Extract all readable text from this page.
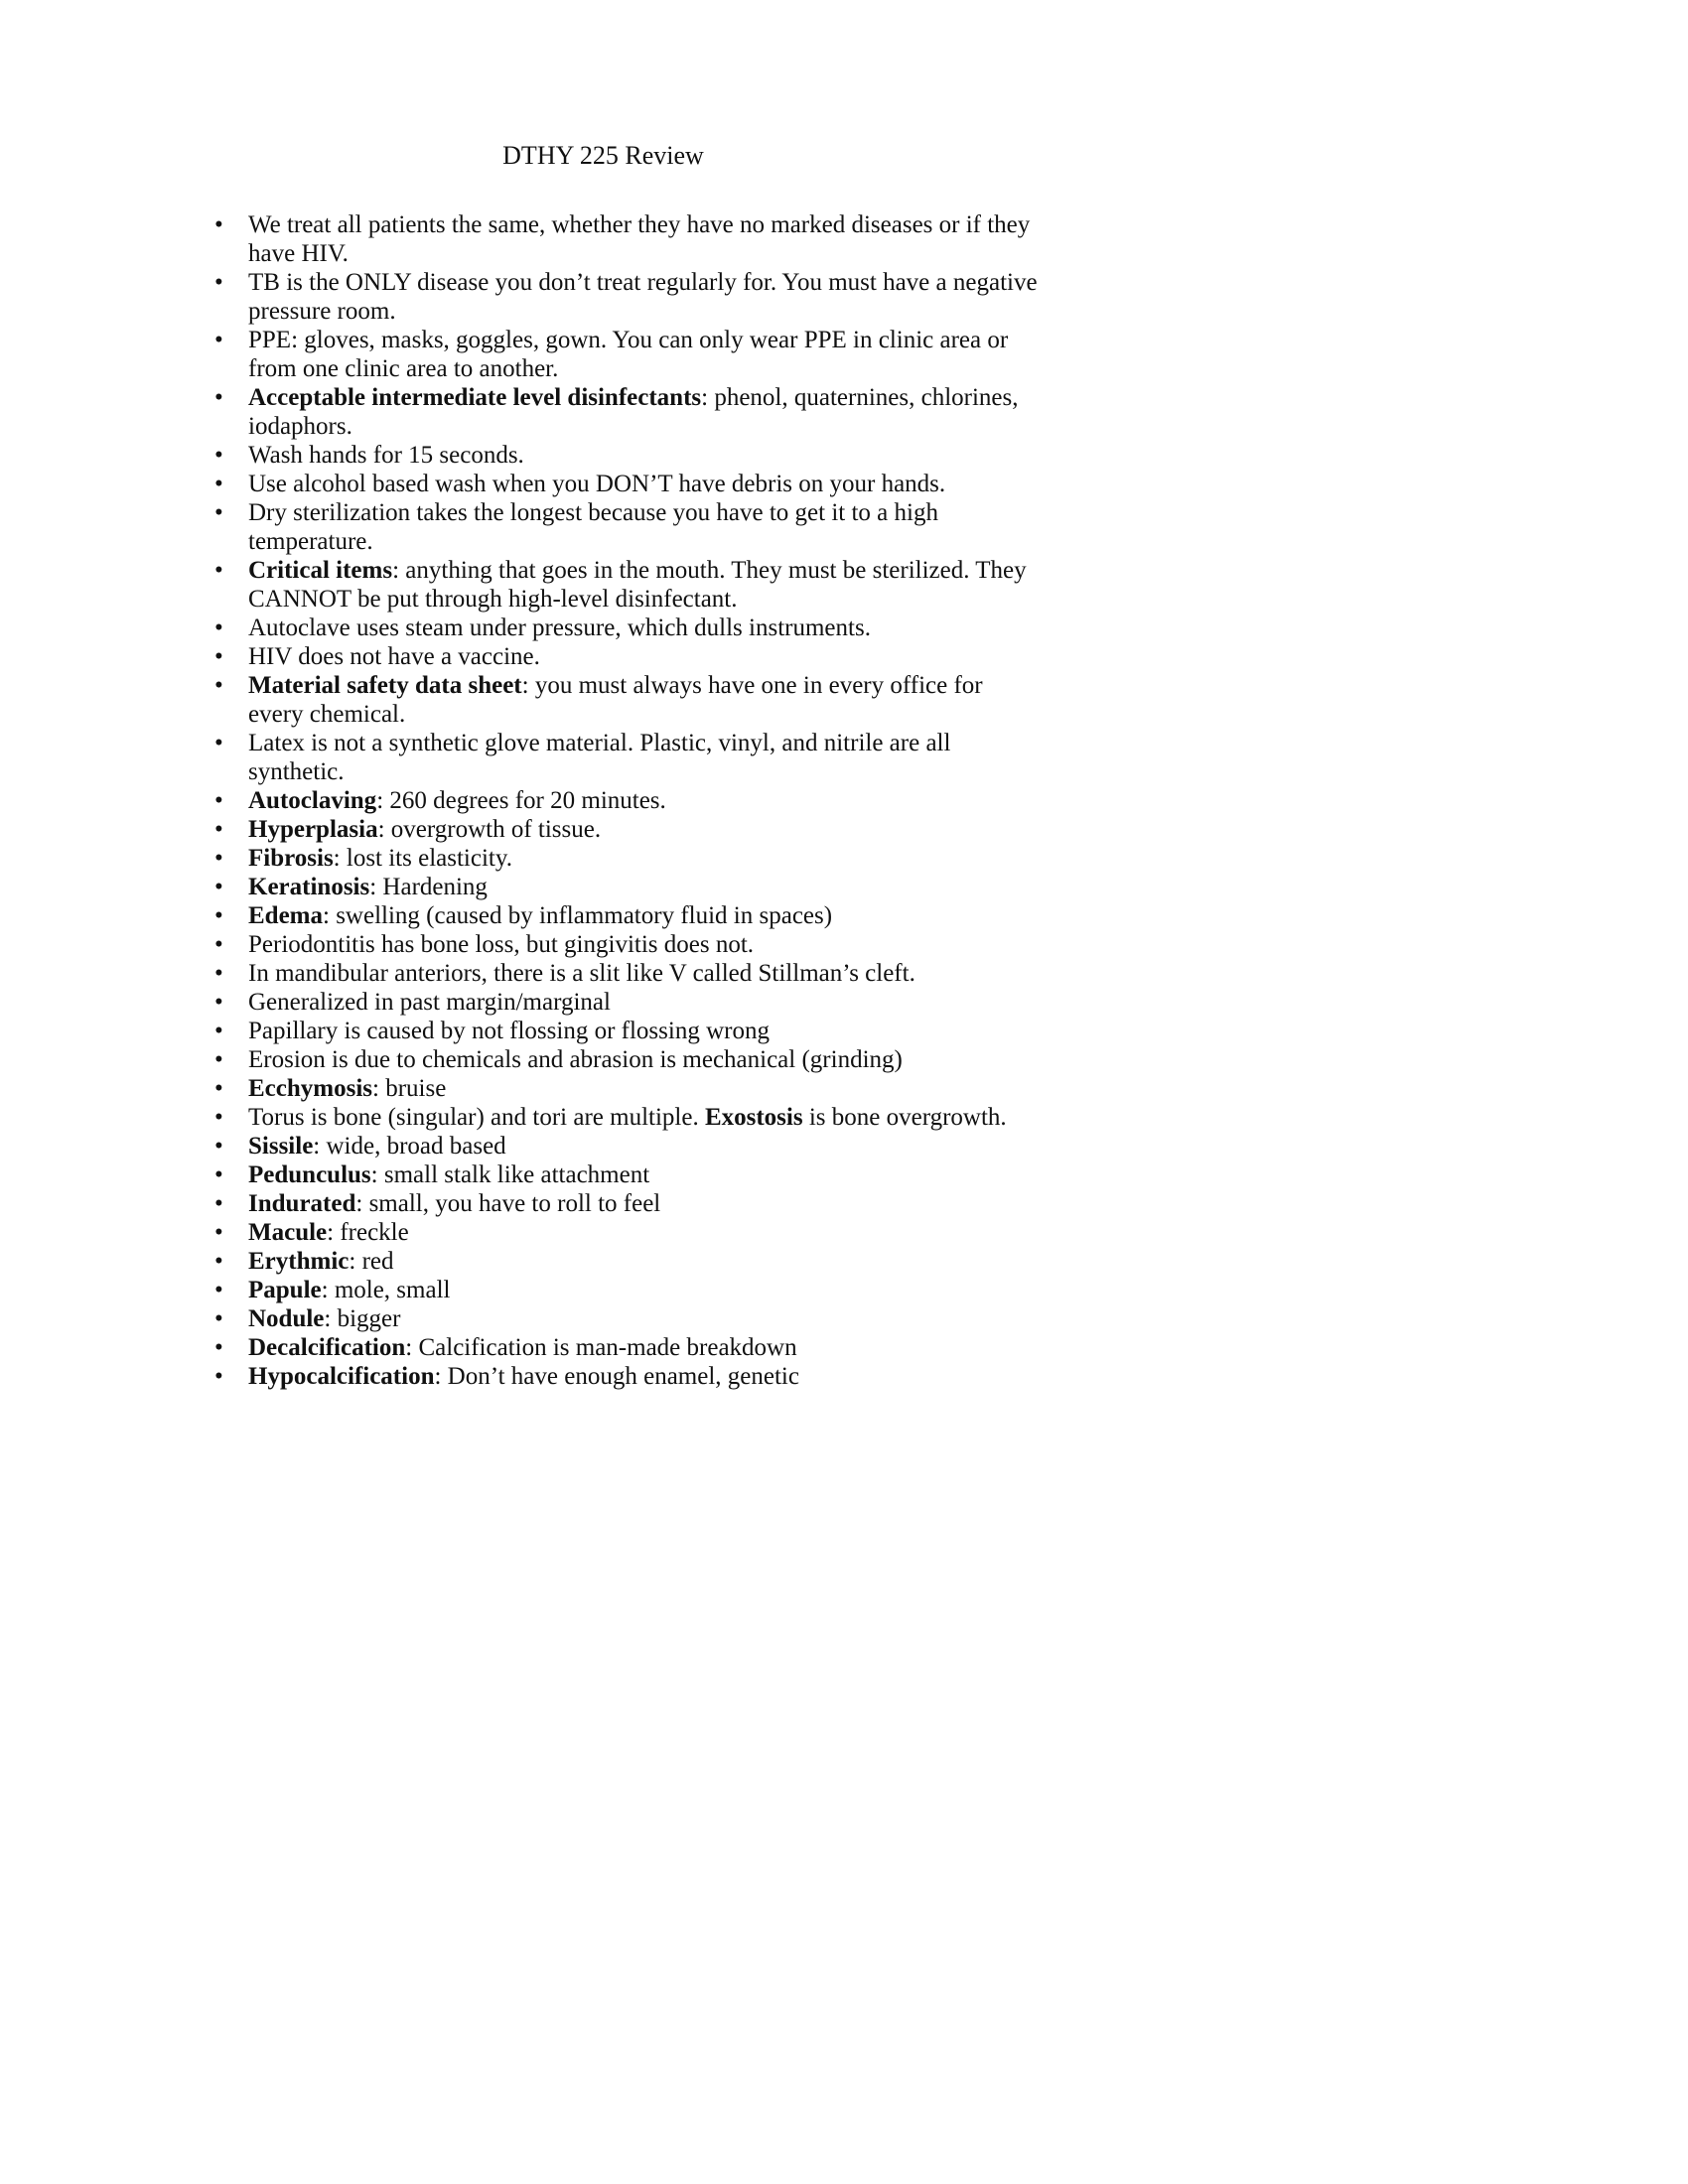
DTHY 225 Review
• We treat all patients the same, whether they have no marked diseases or if they have HIV.
• TB is the ONLY disease you don’t treat regularly for. You must have a negative pressure room.
• PPE: gloves, masks, goggles, gown. You can only wear PPE in clinic area or from one clinic area to another.
• Acceptable intermediate level disinfectants: phenol, quaternines, chlorines, iodaphors.
• Wash hands for 15 seconds.
• Use alcohol based wash when you DON’T have debris on your hands.
• Dry sterilization takes the longest because you have to get it to a high temperature.
• Critical items: anything that goes in the mouth. They must be sterilized. They CANNOT be put through high-level disinfectant.
• Autoclave uses steam under pressure, which dulls instruments.
• HIV does not have a vaccine.
• Material safety data sheet: you must always have one in every office for every chemical.
• Latex is not a synthetic glove material. Plastic, vinyl, and nitrile are all synthetic.
• Autoclaving: 260 degrees for 20 minutes.
• Hyperplasia: overgrowth of tissue.
• Fibrosis: lost its elasticity.
• Keratinosis: Hardening
• Edema: swelling (caused by inflammatory fluid in spaces)
• Periodontitis has bone loss, but gingivitis does not.
• In mandibular anteriors, there is a slit like V called Stillman’s cleft.
• Generalized in past margin/marginal
• Papillary is caused by not flossing or flossing wrong
• Erosion is due to chemicals and abrasion is mechanical (grinding)
• Ecchymosis: bruise
• Torus is bone (singular) and tori are multiple. Exostosis is bone overgrowth.
• Sissile: wide, broad based
• Pedunculus: small stalk like attachment
• Indurated: small, you have to roll to feel
• Macule: freckle
• Erythmic: red
• Papule: mole, small
• Nodule: bigger
• Decalcification: Calcification is man-made breakdown
• Hypocalcification: Don’t have enough enamel, genetic
